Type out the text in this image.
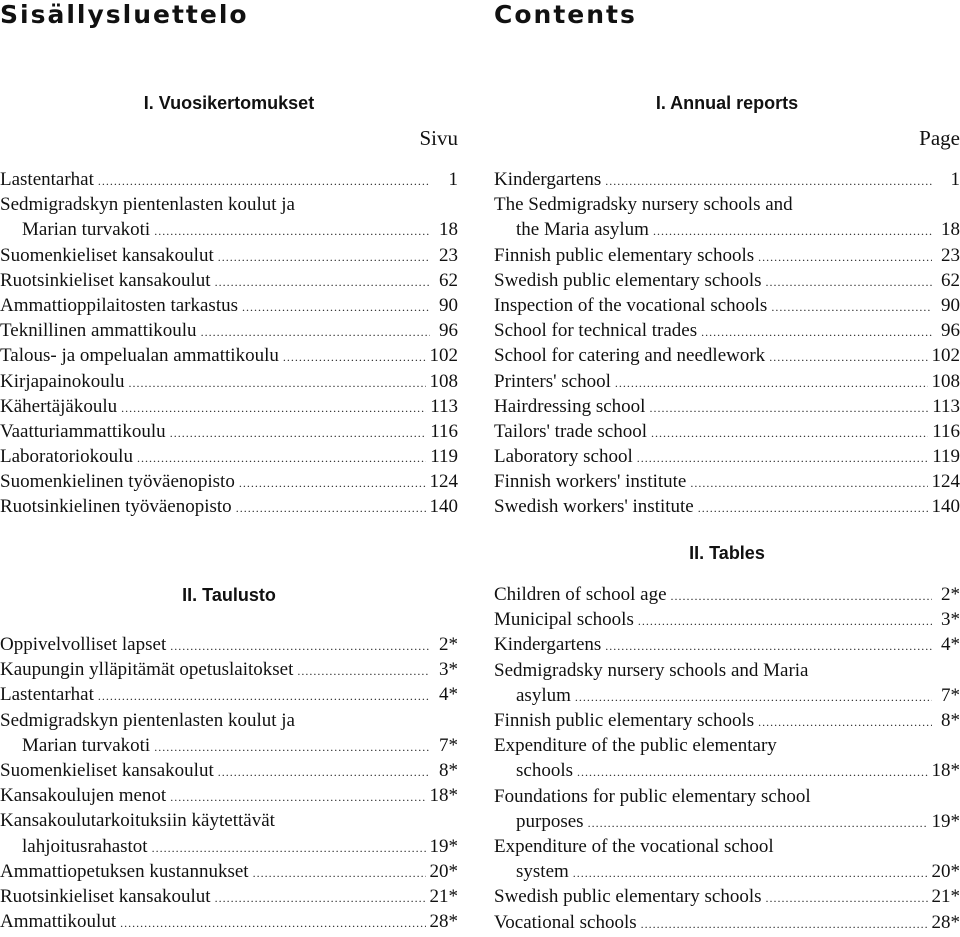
Sisällysluettelo
I. Vuosikertomukset
Sivu
Lastentarhat .....	1
Sedmigradskyn pientenlasten koulut ja
Marian turvakoti .....	18
Suomenkieliset kansakoulut .....	23
Ruotsinkieliset kansakoulut .....	62
Ammattioppilaitosten tarkastus .....	90
Teknillinen ammattikoulu .....	96
Talous- ja ompelualan ammattikoulu .....	102
Kirjapainokoulu .....	108
Kähertäjäkoulu .....	113
Vaatturiammattikoulu .....	116
Laboratoriokoulu .....	119
Suomenkielinen työväenopisto .....	124
Ruotsinkielinen työväenopisto .....	140
II. Taulusto
Oppivelvolliset lapset .....	2*
Kaupungin ylläpitämät opetuslaitokset .....	3*
Lastentarhat .....	4*
Sedmigradskyn pientenlasten koulut ja
Marian turvakoti .....	7*
Suomenkieliset kansakoulut .....	8*
Kansakoulujen menot .....	18*
Kansakoulutarkoituksiin käytettävät
lahjoitusrahastot .....	19*
Ammattiopetuksen kustannukset .....	20*
Ruotsinkieliset kansakoulut .....	21*
Ammattikoulut .....	28*
Contents
I. Annual reports
Page
Kindergartens .....	1
The Sedmigradsky nursery schools and
the Maria asylum .....	18
Finnish public elementary schools .....	23
Swedish public elementary schools .....	62
Inspection of the vocational schools .....	90
School for technical trades .....	96
School for catering and needlework .....	102
Printers' school .....	108
Hairdressing school .....	113
Tailors' trade school .....	116
Laboratory school .....	119
Finnish workers' institute .....	124
Swedish workers' institute .....	140
II. Tables
Children of school age .....	2*
Municipal schools .....	3*
Kindergartens .....	4*
Sedmigradsky nursery schools and Maria
asylum .....	7*
Finnish public elementary schools .....	8*
Expenditure of the public elementary
schools .....	18*
Foundations for public elementary school
purposes .....	19*
Expenditure of the vocational school
system .....	20*
Swedish public elementary schools .....	21*
Vocational schools .....	28*
